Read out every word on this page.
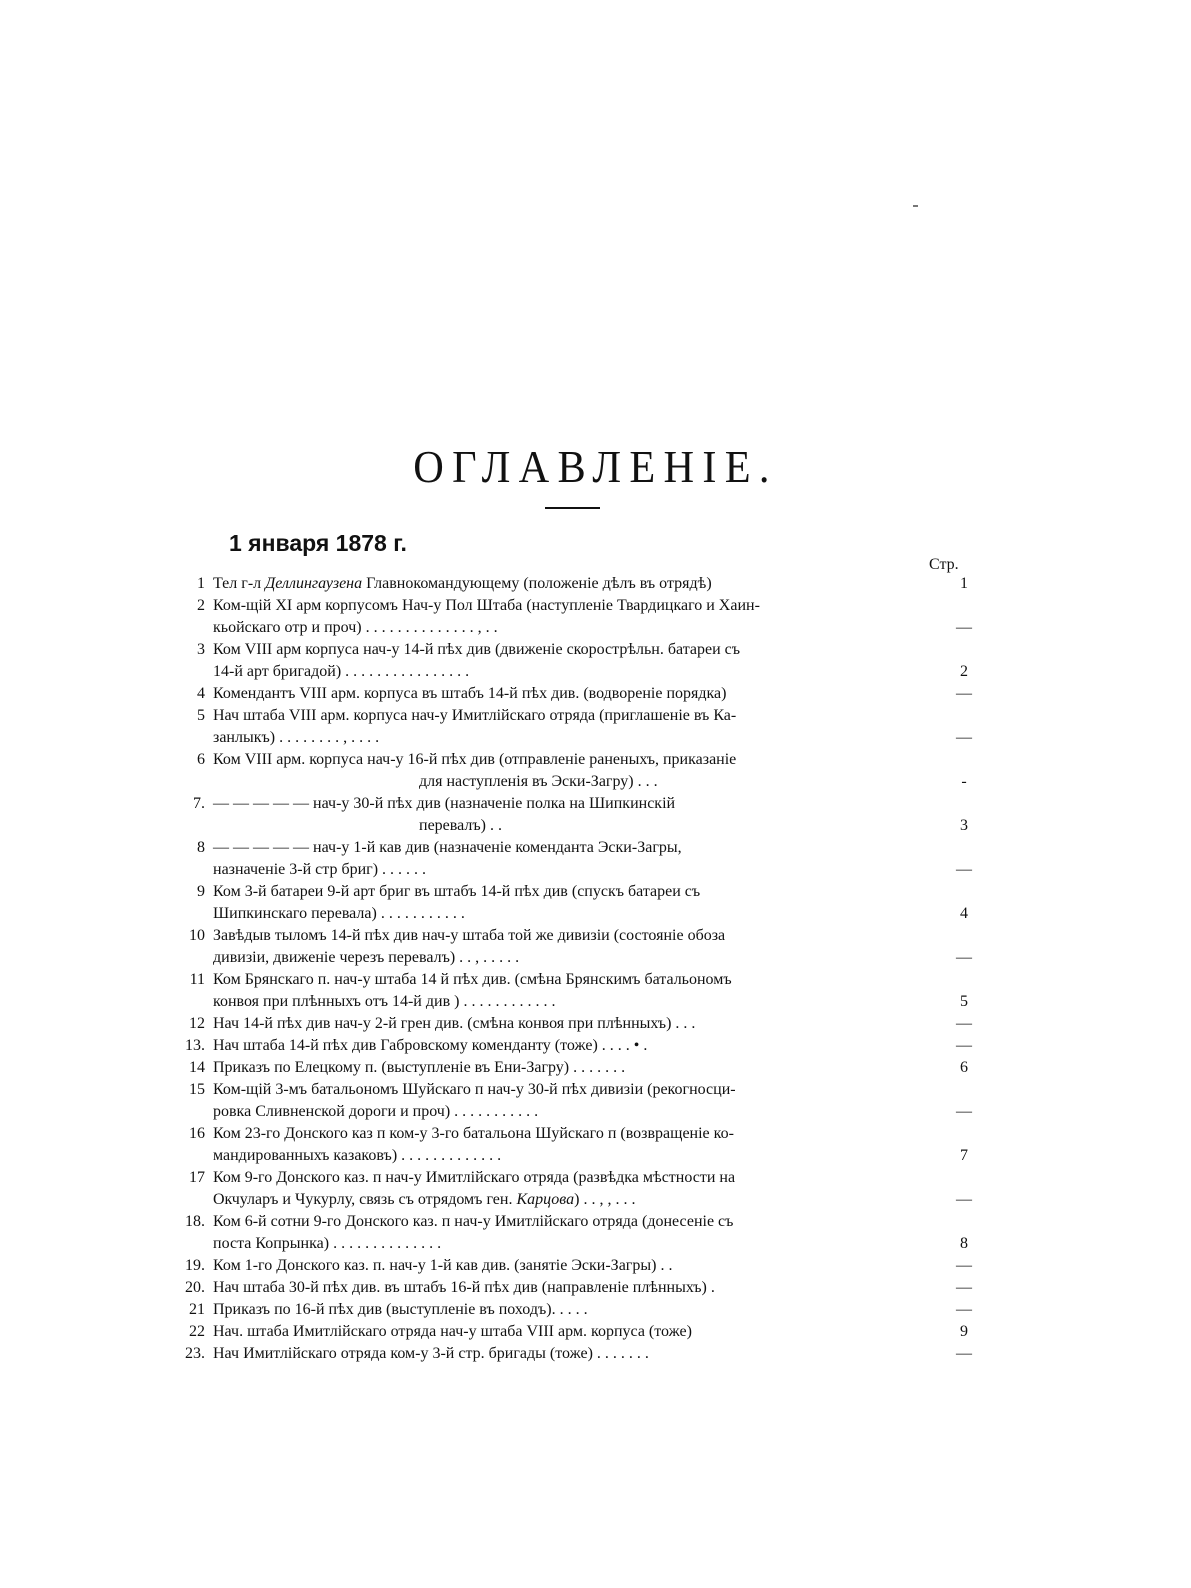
ОГЛАВЛЕНІЕ.
1 января 1878 г.
Стр.
1 Тел г-л Деллингаузена Главнокомандующему (положеніе дѣлъ въ отрядѣ)	1
2 Ком-щій XI арм корпусомъ Нач-у Пол Штаба (наступленіе Твардицкаго и Хаин-
кьойскаго отр и проч) . . . . . . . . . . . . . . , . .	—
3 Ком VIII арм корпуса нач-у 14-й пѣх див (движеніе скорострѣльн. батареи съ
14-й арт бригадой) . . . . . . . . . . . . . . . .	2
4 Комендантъ VIII арм. корпуса въ штабъ 14-й пѣх див. (водвореніе порядка)	—
5 Нач штаба VIII арм. корпуса нач-у Имитлійскаго отряда (приглашеніе въ Ка-
занлыкъ) . . . . . . . . , . . . .	—
6 Ком VIII арм. корпуса нач-у 16-й пѣх див (отправленіе раненыхъ, приказаніе
для наступленія въ Эски-Загру) . . .	-
7. — — — — — нач-у 30-й пѣх див (назначеніе полка на Шипкинскій
перевалъ) . .	3
8 — — — — — нач-у 1-й кав див (назначеніе коменданта Эски-Загры,
назначеніе 3-й стр бриг) . . . . . .	—
9 Ком 3-й батареи 9-й арт бриг въ штабъ 14-й пѣх див (спускъ батареи съ
Шипкинскаго перевала) . . . . . . . . . . .	4
10 Завѣдыв тыломъ 14-й пѣх див нач-у штаба той же дивизіи (состояніе обоза
дивизіи, движеніе черезъ перевалъ) . . , . . . . .	—
11 Ком Брянскаго п. нач-у штаба 14 й пѣх див. (смѣна Брянскимъ батальономъ
конвоя при плѣнныхъ отъ 14-й див ) . . . . . . . . . . . .	5
12 Нач 14-й пѣх див нач-у 2-й грен див. (смѣна конвоя при плѣнныхъ) . . .	—
13. Нач штаба 14-й пѣх див Габровскому коменданту (тоже) . . . . • .	—
14 Приказъ по Елецкому п. (выступленіе въ Ени-Загру) . . . . . . .	6
15 Ком-щій 3-мъ батальономъ Шуйскаго п нач-у 30-й пѣх дивизіи (рекогносци-
ровка Сливненской дороги и проч) . . . . . . . . . . .	—
16 Ком 23-го Донского каз п ком-у 3-го батальона Шуйскаго п (возвращеніе ко-
мандированныхъ казаковъ) . . . . . . . . . . . . .	7
17 Ком 9-го Донского каз. п нач-у Имитлійскаго отряда (развѣдка мѣстности на
Окчуларъ и Чукурлу, связь съ отрядомъ ген. Карцова) . . , , . . .	—
18. Ком 6-й сотни 9-го Донского каз. п нач-у Имитлійскаго отряда (донесеніе съ
поста Копрынка) . . . . . . . . . . . . . .	8
19. Ком 1-го Донского каз. п. нач-у 1-й кав див. (занятіе Эски-Загры) . .	—
20. Нач штаба 30-й пѣх див. въ штабъ 16-й пѣх див (направленіе плѣнныхъ) .	—
21 Приказъ по 16-й пѣх див (выступленіе въ походъ). . . . .	—
22 Нач. штаба Имитлійскаго отряда нач-у штаба VIII арм. корпуса (тоже)	9
23. Нач Имитлійскаго отряда ком-у 3-й стр. бригады (тоже) . . . . . . .	—
